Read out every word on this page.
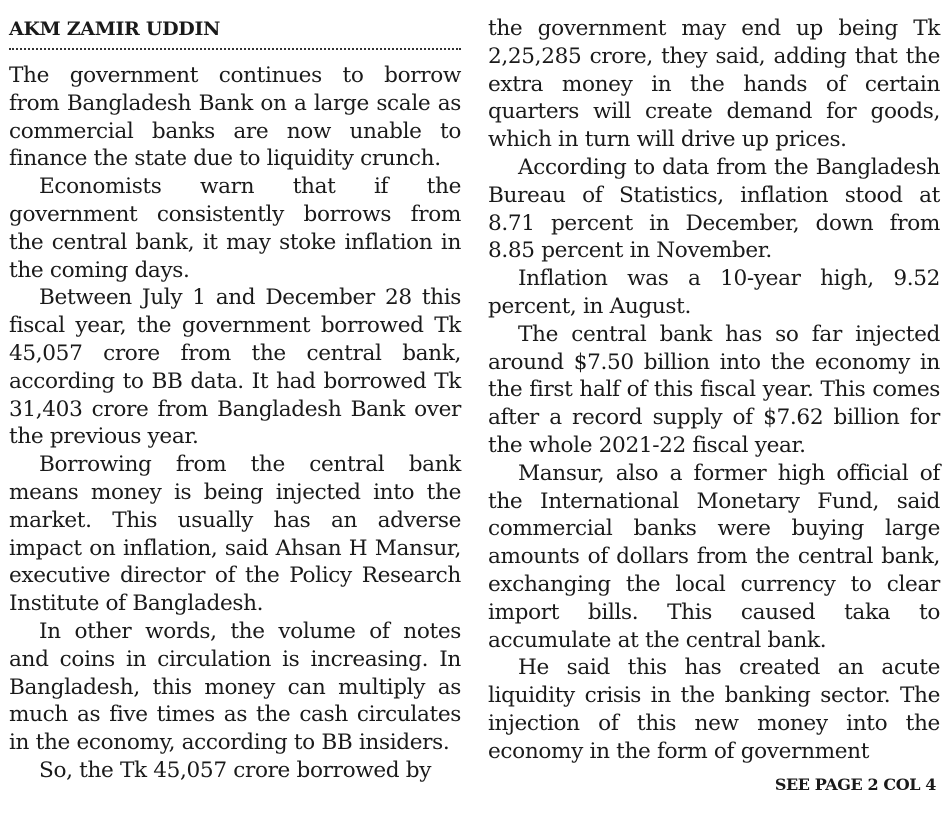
AKM ZAMIR UDDIN

The government continues to borrow from Bangladesh Bank on a large scale as commercial banks are now unable to finance the state due to liquidity crunch.

Economists warn that if the government consistently borrows from the central bank, it may stoke inflation in the coming days.

Between July 1 and December 28 this fiscal year, the government borrowed Tk 45,057 crore from the central bank, according to BB data. It had borrowed Tk 31,403 crore from Bangladesh Bank over the previous year.

Borrowing from the central bank means money is being injected into the market. This usually has an adverse impact on inflation, said Ahsan H Mansur, executive director of the Policy Research Institute of Bangladesh.

In other words, the volume of notes and coins in circulation is increasing. In Bangladesh, this money can multiply as much as five times as the cash circulates in the economy, according to BB insiders.

So, the Tk 45,057 crore borrowed by

the government may end up being Tk 2,25,285 crore, they said, adding that the extra money in the hands of certain quarters will create demand for goods, which in turn will drive up prices.

According to data from the Bangladesh Bureau of Statistics, inflation stood at 8.71 percent in December, down from 8.85 percent in November.

Inflation was a 10-year high, 9.52 percent, in August.

The central bank has so far injected around $7.50 billion into the economy in the first half of this fiscal year. This comes after a record supply of $7.62 billion for the whole 2021-22 fiscal year.

Mansur, also a former high official of the International Monetary Fund, said commercial banks were buying large amounts of dollars from the central bank, exchanging the local currency to clear import bills. This caused taka to accumulate at the central bank.

He said this has created an acute liquidity crisis in the banking sector. The injection of this new money into the economy in the form of government

SEE PAGE 2 COL 4
